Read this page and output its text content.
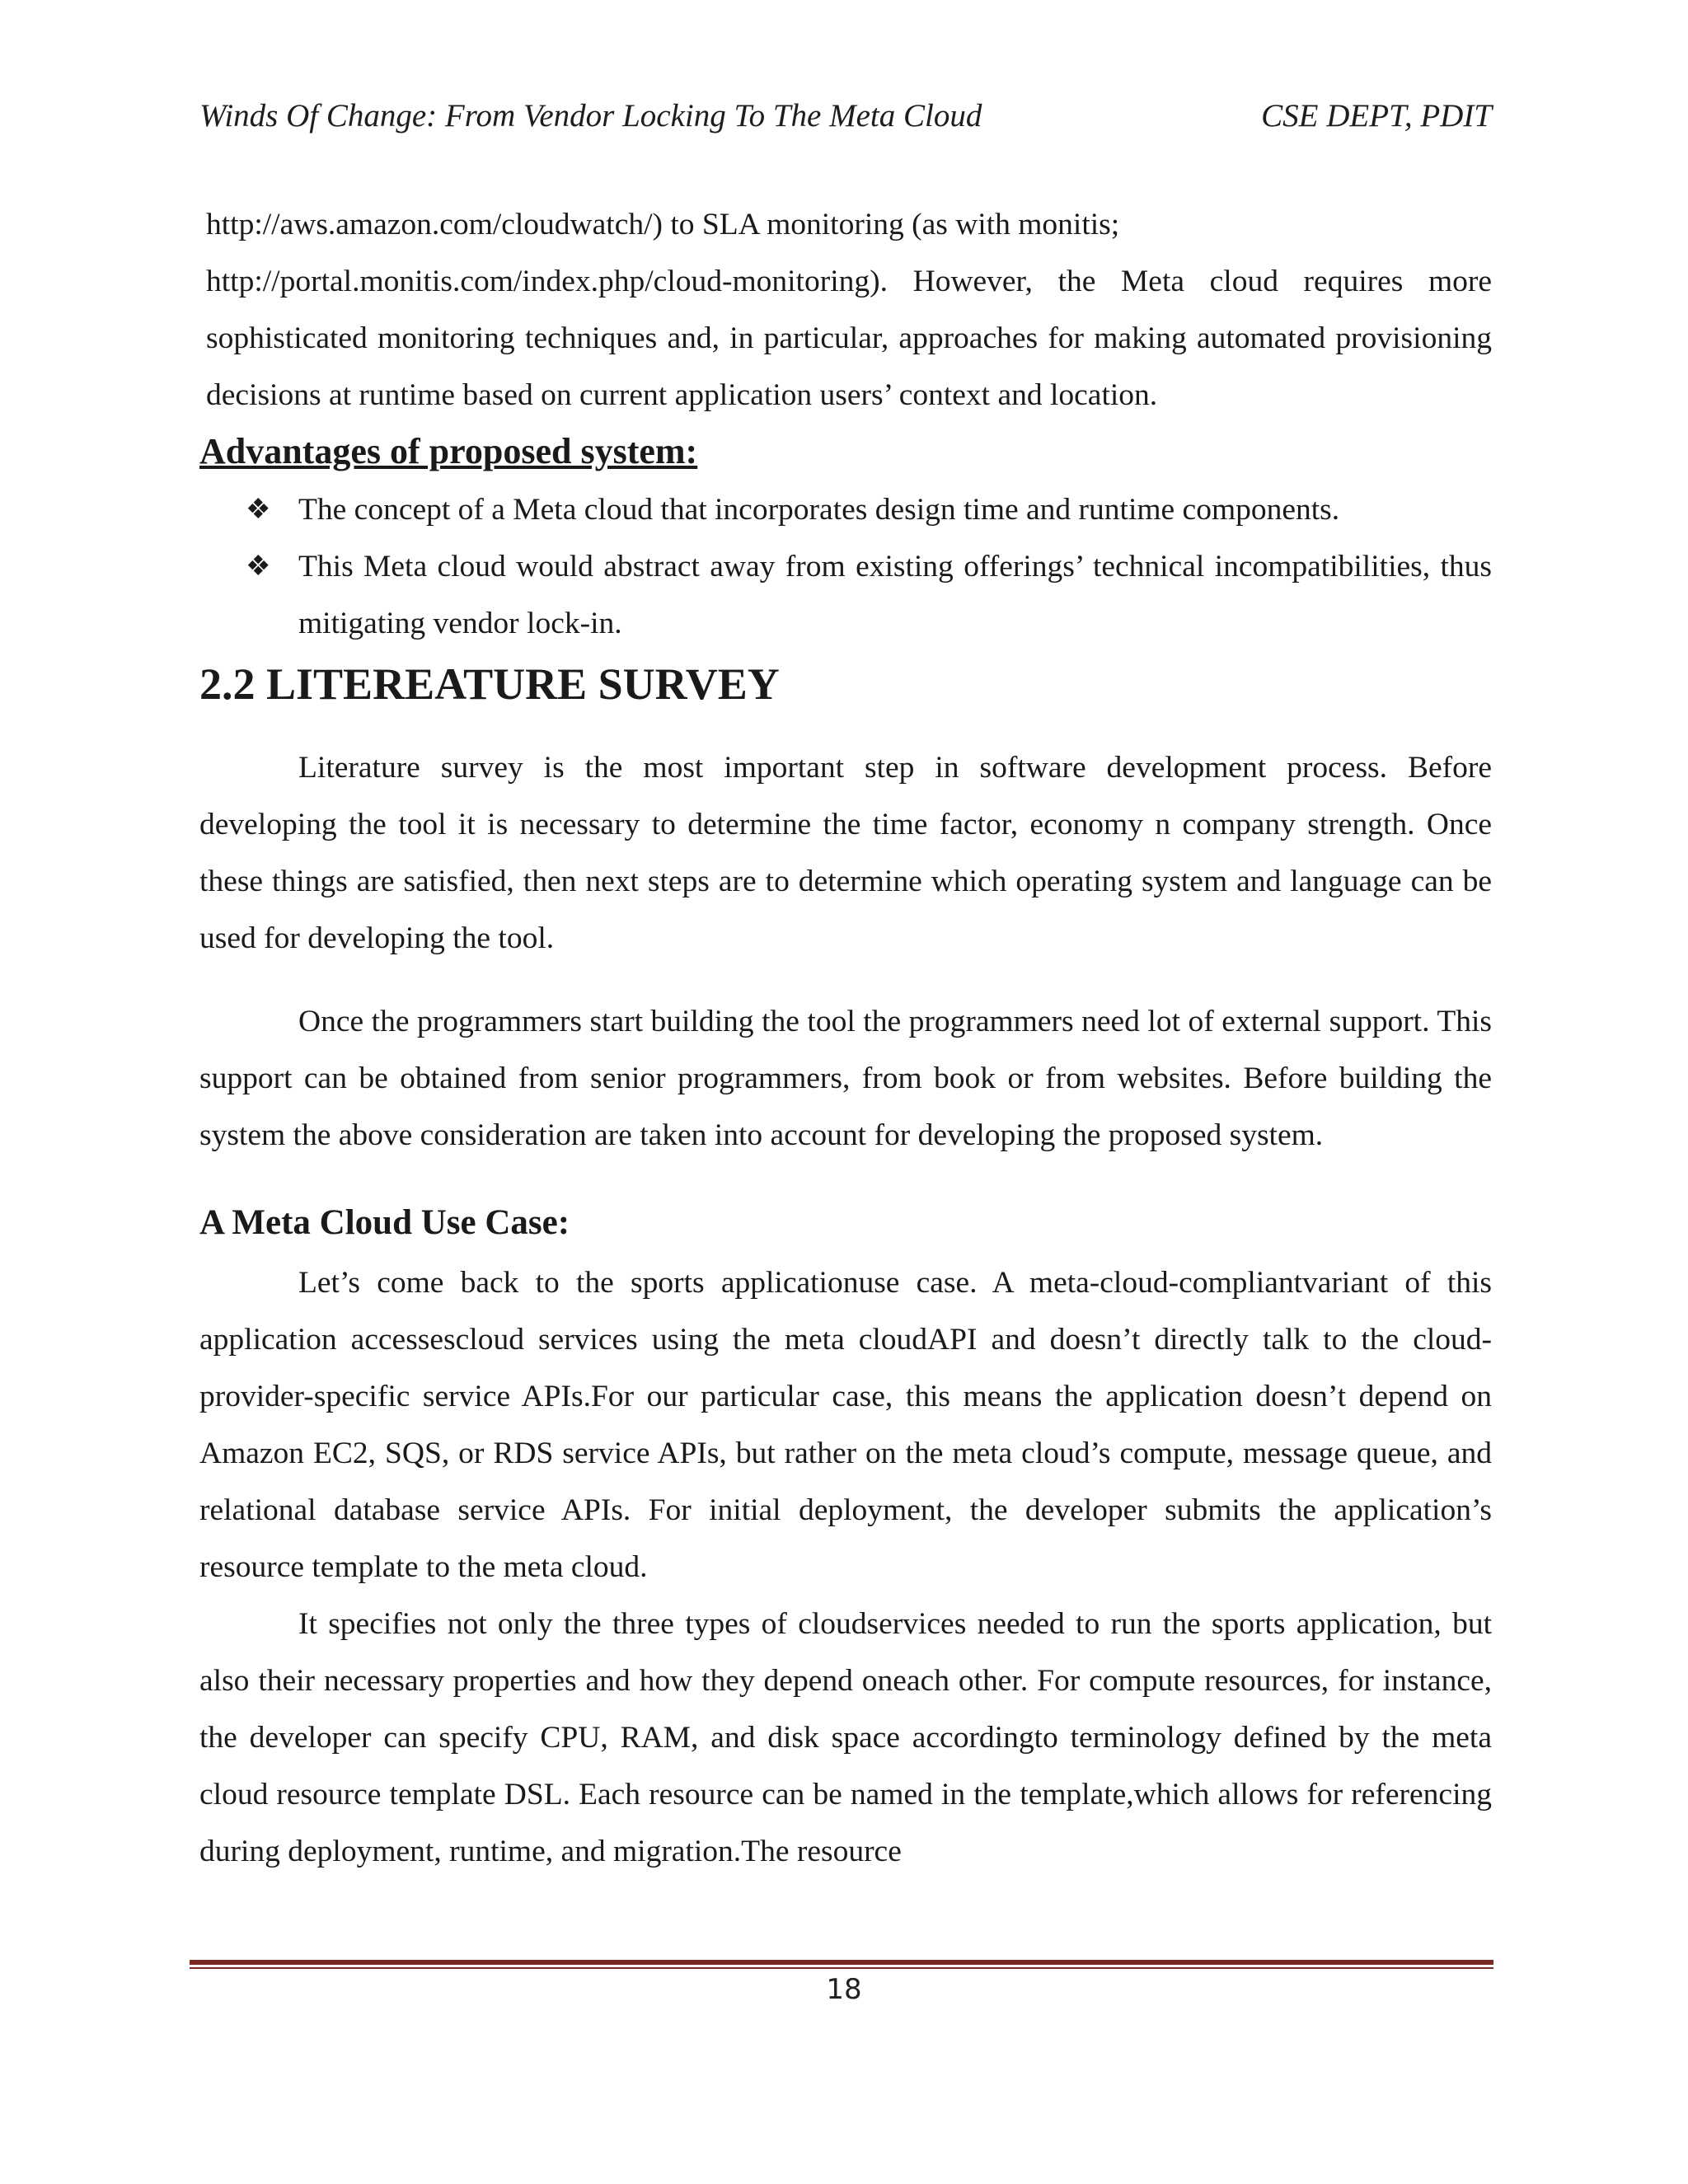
Winds Of Change: From Vendor Locking To The Meta Cloud	CSE DEPT, PDIT

http://aws.amazon.com/cloudwatch/) to SLA monitoring (as with monitis;

http://portal.monitis.com/index.php/cloud-monitoring). However, the Meta cloud requires more sophisticated monitoring techniques and, in particular, approaches for making automated provisioning decisions at runtime based on current application users’ context and location.

Advantages of proposed system:
❖ The concept of a Meta cloud that incorporates design time and runtime components.
❖ This Meta cloud would abstract away from existing offerings’ technical incompatibilities, thus mitigating vendor lock-in.
2.2 LITEREATURE SURVEY

Literature survey is the most important step in software development process. Before developing the tool it is necessary to determine the time factor, economy n company strength. Once these things are satisfied, then next steps are to determine which operating system and language can be used for developing the tool.

Once the programmers start building the tool the programmers need lot of external support. This support can be obtained from senior programmers, from book or from websites. Before building the system the above consideration are taken into account for developing the proposed system.

A Meta Cloud Use Case:

Let’s come back to the sports applicationuse case. A meta-cloud-compliantvariant of this application accessescloud services using the meta cloudAPI and doesn’t directly talk to the cloud-provider-specific service APIs.For our particular case, this means the application doesn’t depend on Amazon EC2, SQS, or RDS service APIs, but rather on the meta cloud’s compute, message queue, and relational database service APIs. For initial deployment, the developer submits the application’s resource template to the meta cloud.

It specifies not only the three types of cloudservices needed to run the sports application, but also their necessary properties and how they depend oneach other. For compute resources, for instance, the developer can specify CPU, RAM, and disk space accordingto terminology defined by the meta cloud resource template DSL. Each resource can be named in the template,which allows for referencing during deployment, runtime, and migration.The resource

18
